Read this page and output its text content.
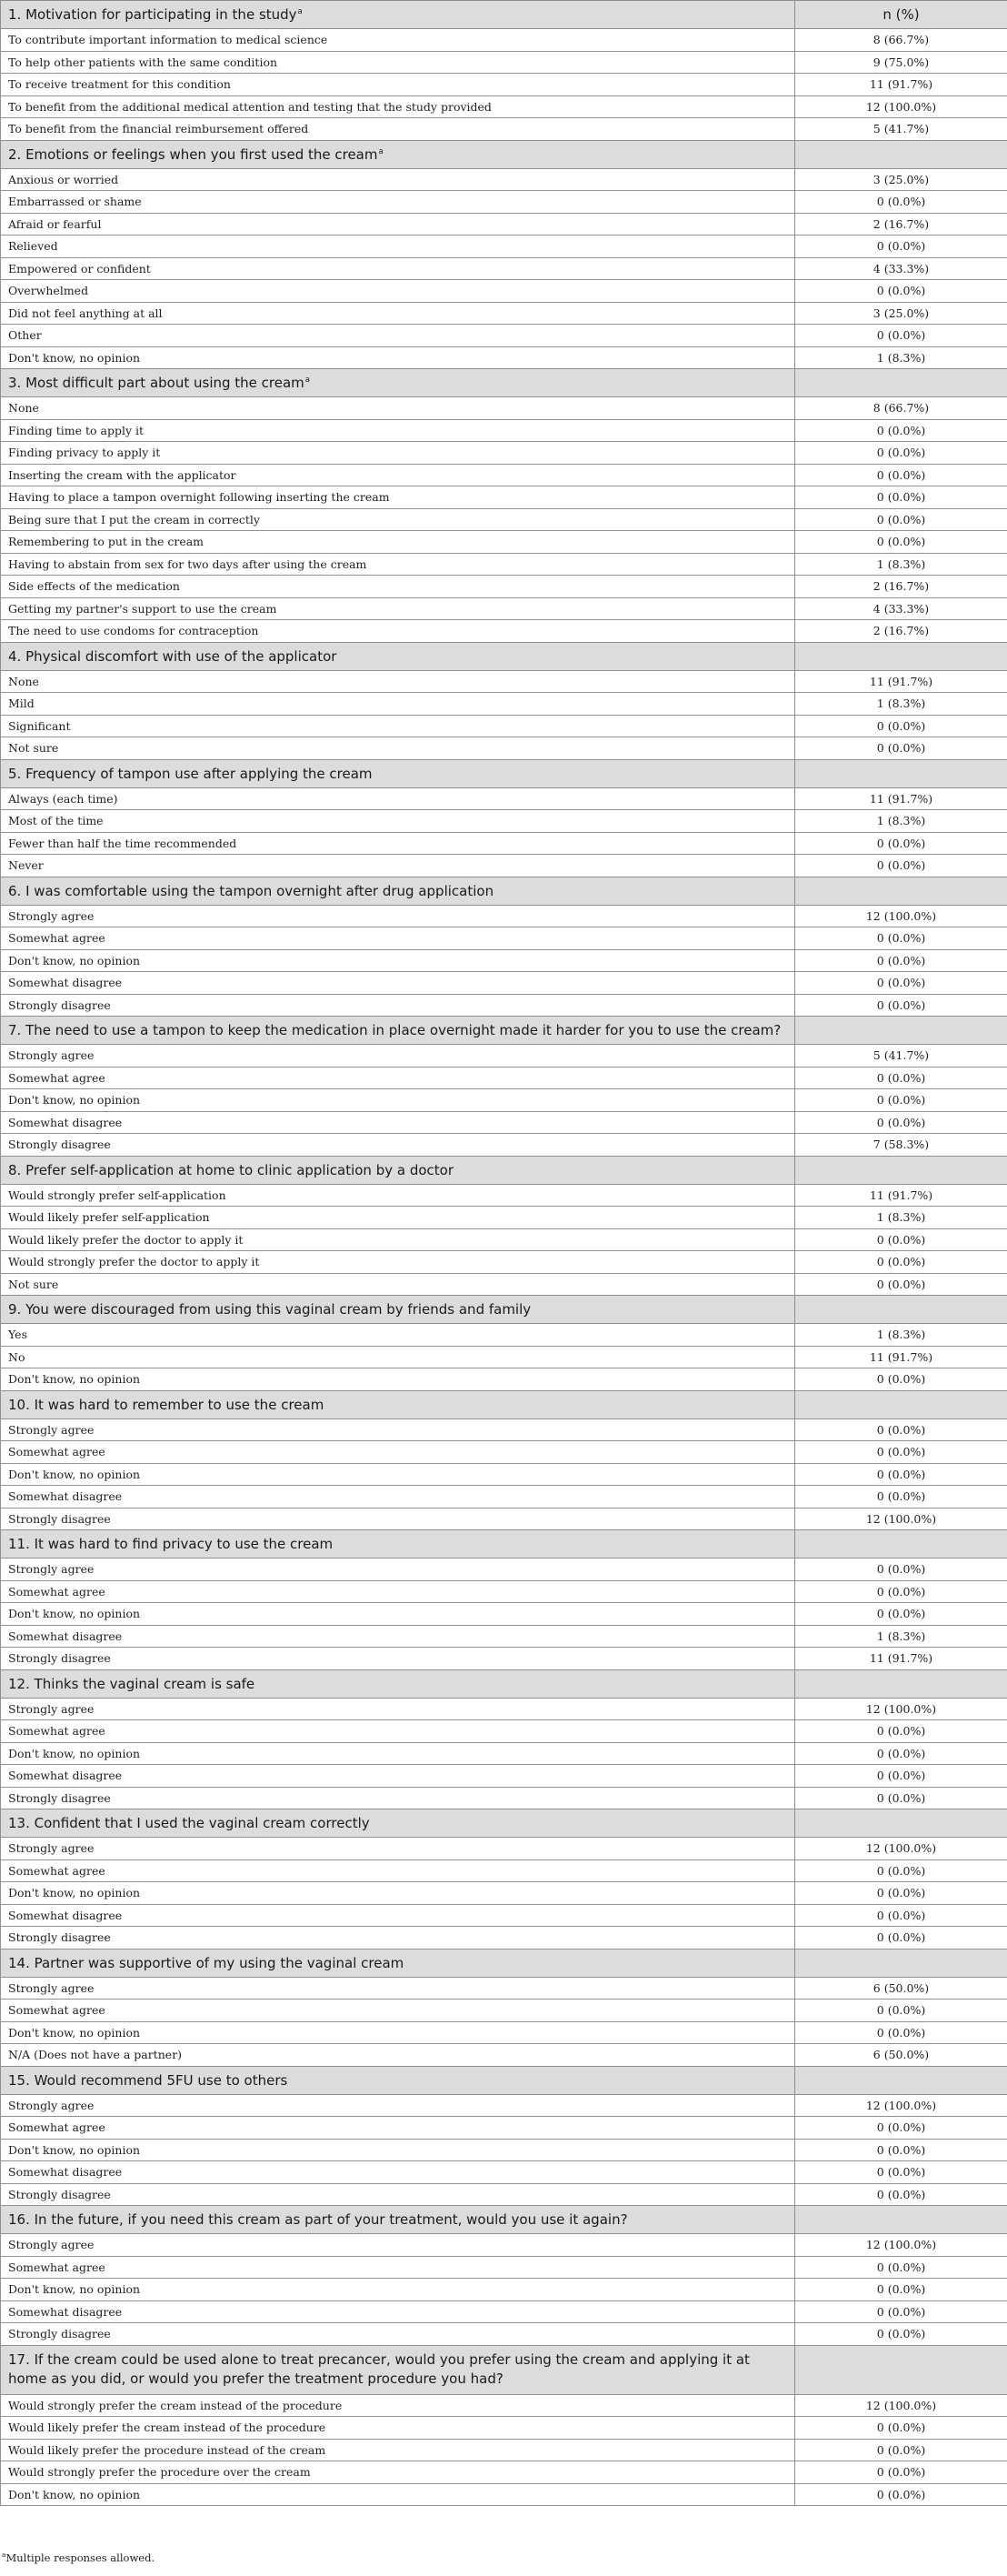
1. Motivation for participating in the study$^a$	n (%)
To contribute important information to medical science	8 (66.7%)
To help other patients with the same condition	9 (75.0%)
To receive treatment for this condition	11 (91.7%)
To benefit from the additional medical attention and testing that the study provided	12 (100.0%)
To benefit from the financial reimbursement offered	5 (41.7%)
2. Emotions or feelings when you first used the cream$^a$	
Anxious or worried	3 (25.0%)
Embarrassed or shame	0 (0.0%)
Afraid or fearful	2 (16.7%)
Relieved	0 (0.0%)
Empowered or confident	4 (33.3%)
Overwhelmed	0 (0.0%)
Did not feel anything at all	3 (25.0%)
Other	0 (0.0%)
Don't know, no opinion	1 (8.3%)
3. Most difficult part about using the cream$^a$	
None	8 (66.7%)
Finding time to apply it	0 (0.0%)
Finding privacy to apply it	0 (0.0%)
Inserting the cream with the applicator	0 (0.0%)
Having to place a tampon overnight following inserting the cream	0 (0.0%)
Being sure that I put the cream in correctly	0 (0.0%)
Remembering to put in the cream	0 (0.0%)
Having to abstain from sex for two days after using the cream	1 (8.3%)
Side effects of the medication	2 (16.7%)
Getting my partner's support to use the cream	4 (33.3%)
The need to use condoms for contraception	2 (16.7%)
4. Physical discomfort with use of the applicator	
None	11 (91.7%)
Mild	1 (8.3%)
Significant	0 (0.0%)
Not sure	0 (0.0%)
5. Frequency of tampon use after applying the cream	
Always (each time)	11 (91.7%)
Most of the time	1 (8.3%)
Fewer than half the time recommended	0 (0.0%)
Never	0 (0.0%)
6. I was comfortable using the tampon overnight after drug application	
Strongly agree	12 (100.0%)
Somewhat agree	0 (0.0%)
Don't know, no opinion	0 (0.0%)
Somewhat disagree	0 (0.0%)
Strongly disagree	0 (0.0%)
7. The need to use a tampon to keep the medication in place overnight made it harder for you to use the cream?	
Strongly agree	5 (41.7%)
Somewhat agree	0 (0.0%)
Don't know, no opinion	0 (0.0%)
Somewhat disagree	0 (0.0%)
Strongly disagree	7 (58.3%)
8. Prefer self-application at home to clinic application by a doctor	
Would strongly prefer self-application	11 (91.7%)
Would likely prefer self-application	1 (8.3%)
Would likely prefer the doctor to apply it	0 (0.0%)
Would strongly prefer the doctor to apply it	0 (0.0%)
Not sure	0 (0.0%)
9. You were discouraged from using this vaginal cream by friends and family	
Yes	1 (8.3%)
No	11 (91.7%)
Don't know, no opinion	0 (0.0%)
10. It was hard to remember to use the cream	
Strongly agree	0 (0.0%)
Somewhat agree	0 (0.0%)
Don't know, no opinion	0 (0.0%)
Somewhat disagree	0 (0.0%)
Strongly disagree	12 (100.0%)
11. It was hard to find privacy to use the cream	
Strongly agree	0 (0.0%)
Somewhat agree	0 (0.0%)
Don't know, no opinion	0 (0.0%)
Somewhat disagree	1 (8.3%)
Strongly disagree	11 (91.7%)
12. Thinks the vaginal cream is safe	
Strongly agree	12 (100.0%)
Somewhat agree	0 (0.0%)
Don't know, no opinion	0 (0.0%)
Somewhat disagree	0 (0.0%)
Strongly disagree	0 (0.0%)
13. Confident that I used the vaginal cream correctly	
Strongly agree	12 (100.0%)
Somewhat agree	0 (0.0%)
Don't know, no opinion	0 (0.0%)
Somewhat disagree	0 (0.0%)
Strongly disagree	0 (0.0%)
14. Partner was supportive of my using the vaginal cream	
Strongly agree	6 (50.0%)
Somewhat agree	0 (0.0%)
Don't know, no opinion	0 (0.0%)
N/A (Does not have a partner)	6 (50.0%)
15. Would recommend 5FU use to others	
Strongly agree	12 (100.0%)
Somewhat agree	0 (0.0%)
Don't know, no opinion	0 (0.0%)
Somewhat disagree	0 (0.0%)
Strongly disagree	0 (0.0%)
16. In the future, if you need this cream as part of your treatment, would you use it again?	
Strongly agree	12 (100.0%)
Somewhat agree	0 (0.0%)
Don't know, no opinion	0 (0.0%)
Somewhat disagree	0 (0.0%)
Strongly disagree	0 (0.0%)
17. If the cream could be used alone to treat precancer, would you prefer using the cream and applying it at home as you did, or would you prefer the treatment procedure you had?	
Would strongly prefer the cream instead of the procedure	12 (100.0%)
Would likely prefer the cream instead of the procedure	0 (0.0%)
Would likely prefer the procedure instead of the cream	0 (0.0%)
Would strongly prefer the procedure over the cream	0 (0.0%)
Don't know, no opinion	0 (0.0%)
$^a$Multiple responses allowed.
